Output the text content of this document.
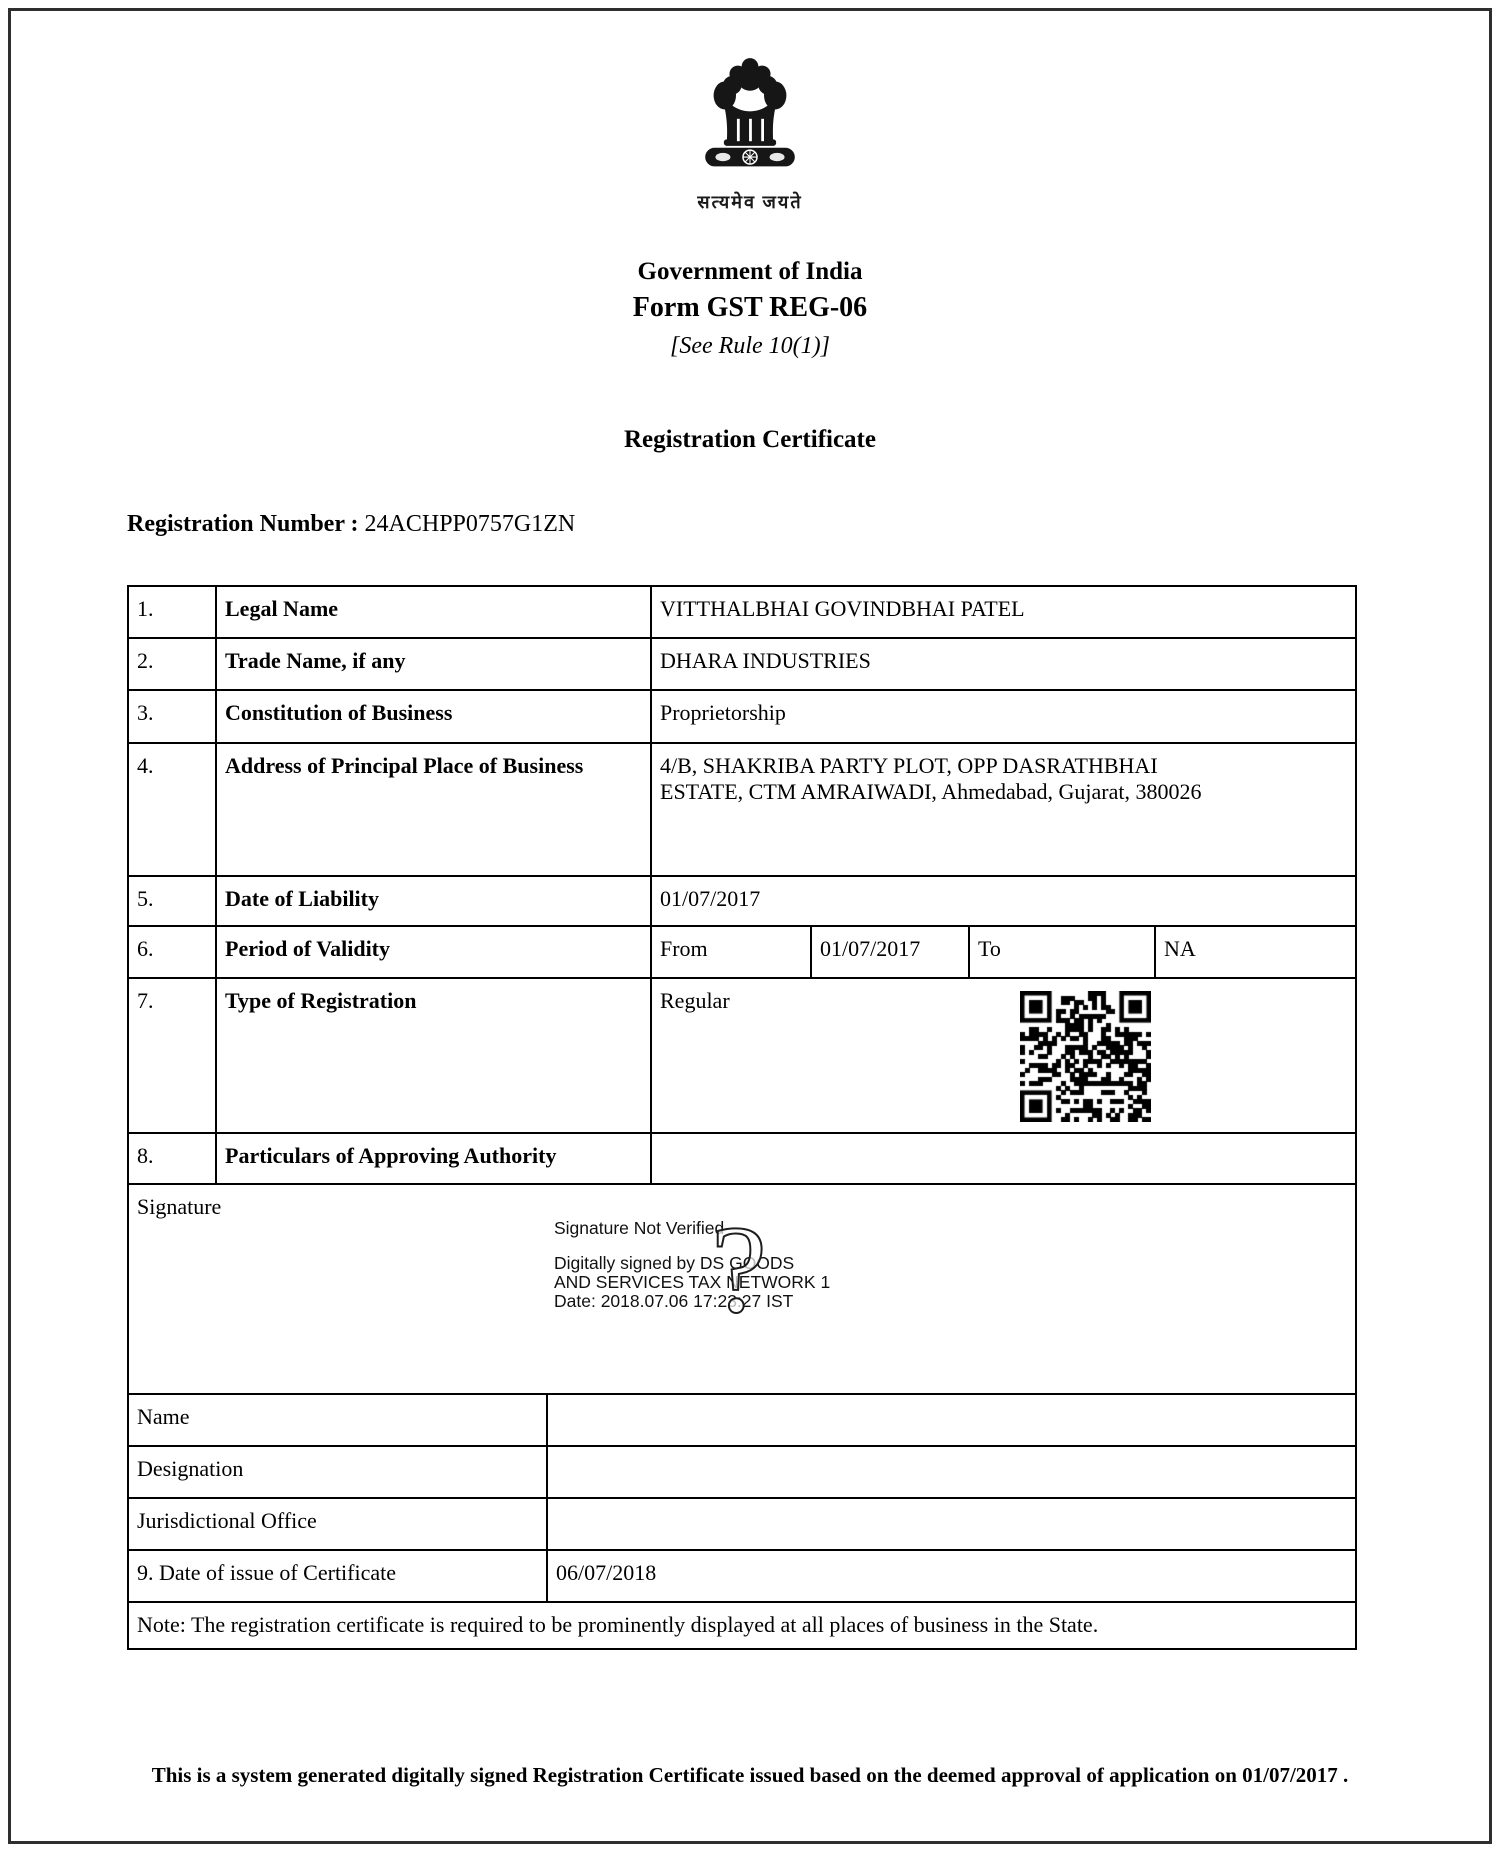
सत्यमेव जयते
Government of India
Form GST REG-06
[See Rule 10(1)]
Registration Certificate
Registration Number : 24ACHPP0757G1ZN
1.	Legal Name		VITTHALBHAI GOVINDBHAI PATEL			
2.	Trade Name, if any		DHARA INDUSTRIES			
3.	Constitution of Business		Proprietorship			
4.	Address of Principal Place of Business		4/B, SHAKRIBA PARTY PLOT, OPP DASRATHBHAI
ESTATE, CTM AMRAIWADI, Ahmedabad, Gujarat, 380026			

5.	Date of Liability		01/07/2017			
6.	Period of Validity		From	01/07/2017	To	NA
7.	Type of Registration		Regular			

8.	Particulars of Approving Authority					
Signature
Signature Not Verified
Digitally signed by DS GOODS
AND SERVICES TAX NETWORK 1
Date: 2018.07.06 17:23:27 IST
?

Name						
Designation						
Jurisdictional Office						
9. Date of issue of Certificate		06/07/2018				
Note: The registration certificate is required to be prominently displayed at all places of business in the State.						
This is a system generated digitally signed Registration Certificate issued based on the deemed approval of application on 01/07/2017 .
